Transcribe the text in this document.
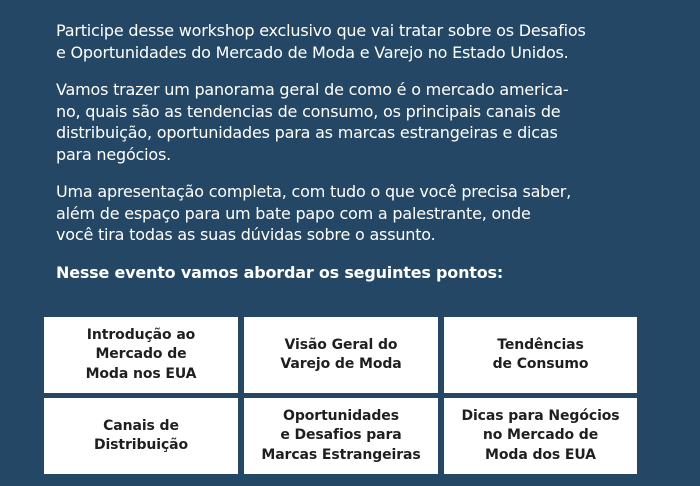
Participe desse workshop exclusivo que vai tratar sobre os Desafios
e Oportunidades do Mercado de Moda e Varejo no Estado Unidos.

Vamos trazer um panorama geral de como é o mercado america-
no, quais são as tendencias de consumo, os principais canais de
distribuição, oportunidades para as marcas estrangeiras e dicas
para negócios.

Uma apresentação completa, com tudo o que você precisa saber,
além de espaço para um bate papo com a palestrante, onde
você tira todas as suas dúvidas sobre o assunto.

Nesse evento vamos abordar os seguintes pontos:

Introdução ao
Mercado de
Moda nos EUA
Visão Geral do
Varejo de Moda
Tendências
de Consumo
Canais de
Distribuição
Oportunidades
e Desafios para
Marcas Estrangeiras
Dicas para Negócios
no Mercado de
Moda dos EUA
